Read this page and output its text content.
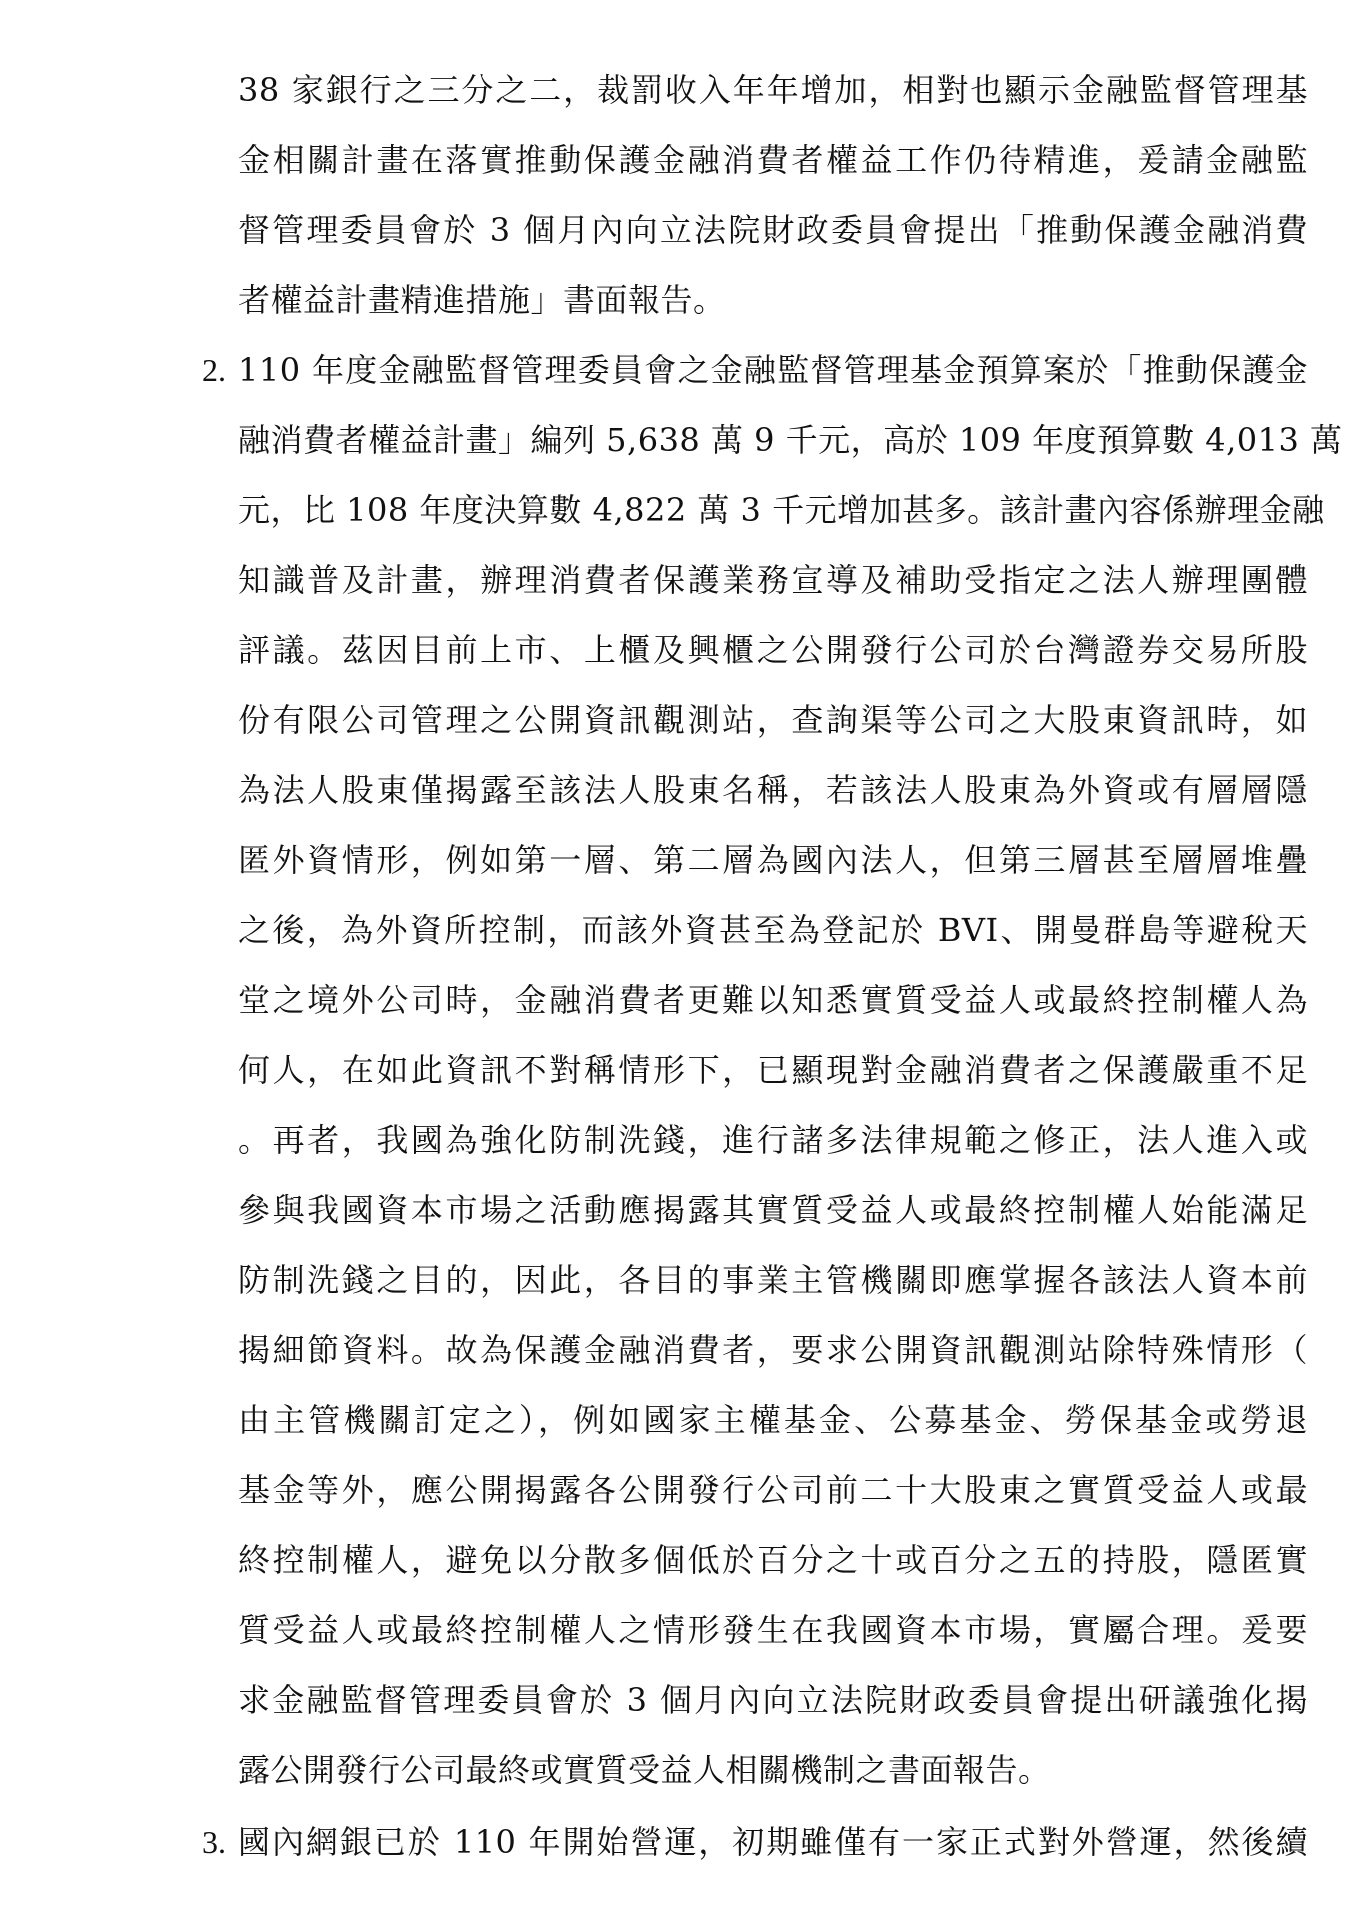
38 家銀行之三分之二，裁罰收入年年增加，相對也顯示金融監督管理基
金相關計畫在落實推動保護金融消費者權益工作仍待精進，爰請金融監
督管理委員會於 3 個月內向立法院財政委員會提出「推動保護金融消費
者權益計畫精進措施」書面報告。
2. 110 年度金融監督管理委員會之金融監督管理基金預算案於「推動保護金
融消費者權益計畫」編列 5,638 萬 9 千元，高於 109 年度預算數 4,013 萬
元，比 108 年度決算數 4,822 萬 3 千元增加甚多。該計畫內容係辦理金融
知識普及計畫，辦理消費者保護業務宣導及補助受指定之法人辦理團體
評議。茲因目前上市、上櫃及興櫃之公開發行公司於台灣證券交易所股
份有限公司管理之公開資訊觀測站，查詢渠等公司之大股東資訊時，如
為法人股東僅揭露至該法人股東名稱，若該法人股東為外資或有層層隱
匿外資情形，例如第一層、第二層為國內法人，但第三層甚至層層堆疊
之後，為外資所控制，而該外資甚至為登記於 BVI、開曼群島等避稅天
堂之境外公司時，金融消費者更難以知悉實質受益人或最終控制權人為
何人，在如此資訊不對稱情形下，已顯現對金融消費者之保護嚴重不足
。再者，我國為強化防制洗錢，進行諸多法律規範之修正，法人進入或
參與我國資本市場之活動應揭露其實質受益人或最終控制權人始能滿足
防制洗錢之目的，因此，各目的事業主管機關即應掌握各該法人資本前
揭細節資料。故為保護金融消費者，要求公開資訊觀測站除特殊情形（
由主管機關訂定之），例如國家主權基金、公募基金、勞保基金或勞退
基金等外，應公開揭露各公開發行公司前二十大股東之實質受益人或最
終控制權人，避免以分散多個低於百分之十或百分之五的持股，隱匿實
質受益人或最終控制權人之情形發生在我國資本市場，實屬合理。爰要
求金融監督管理委員會於 3 個月內向立法院財政委員會提出研議強化揭
露公開發行公司最終或實質受益人相關機制之書面報告。
3. 國內網銀已於 110 年開始營運，初期雖僅有一家正式對外營運，然後續
